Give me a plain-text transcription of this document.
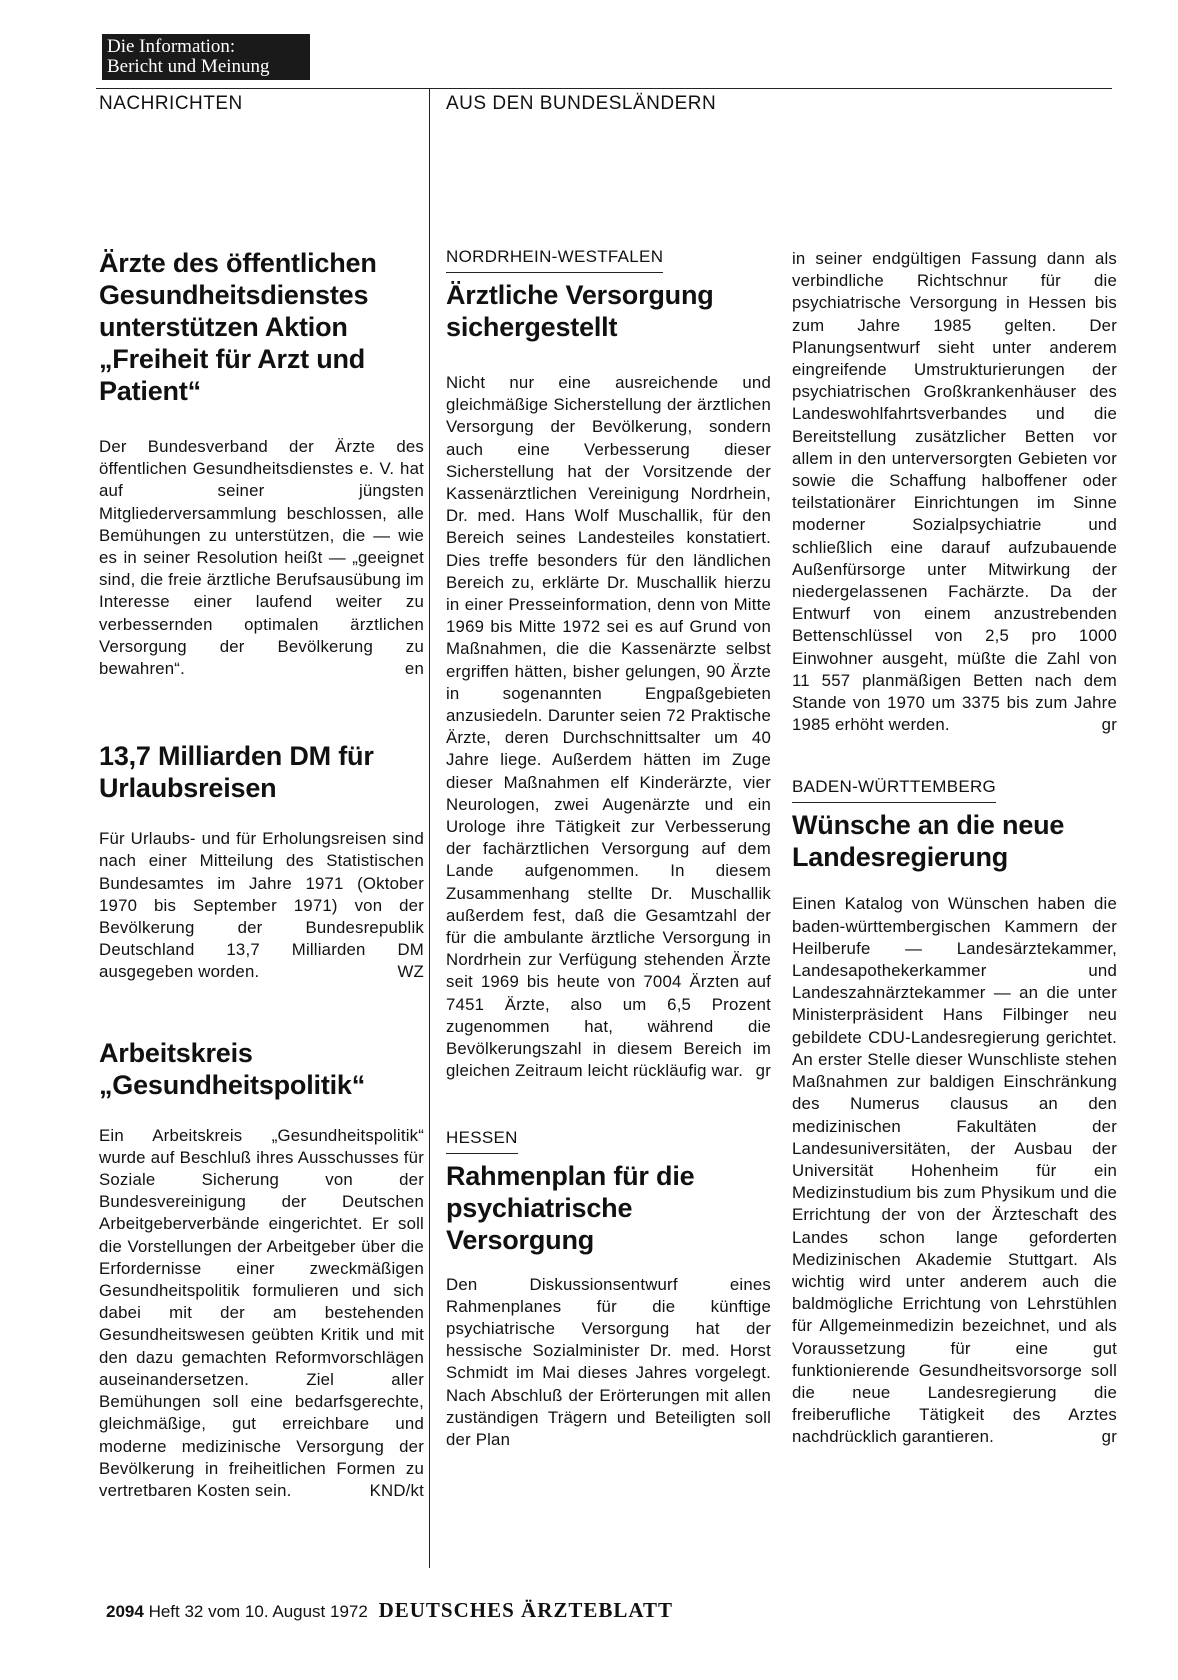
Die Information:
Bericht und Meinung
NACHRICHTEN	AUS DEN BUNDESLÄNDERN
Ärzte des öffentlichen Gesundheitsdienstes unterstützen Aktion „Freiheit für Arzt und Patient“

Der Bundesverband der Ärzte des öffentlichen Gesundheitsdienstes e. V. hat auf seiner jüngsten Mitgliederversammlung beschlossen, alle Bemühungen zu unterstützen, die — wie es in seiner Resolution heißt — „geeignet sind, die freie ärztliche Berufsausübung im Interesse einer laufend weiter zu verbessernden optimalen ärztlichen Versorgung der Bevölkerung zu bewahren“.	en

13,7 Milliarden DM für Urlaubsreisen

Für Urlaubs- und für Erholungsreisen sind nach einer Mitteilung des Statistischen Bundesamtes im Jahre 1971 (Oktober 1970 bis September 1971) von der Bevölkerung der Bundesrepublik Deutschland 13,7 Milliarden DM ausgegeben worden.	WZ

Arbeitskreis „Gesundheitspolitik“

Ein Arbeitskreis „Gesundheitspolitik“ wurde auf Beschluß ihres Ausschusses für Soziale Sicherung von der Bundesvereinigung der Deutschen Arbeitgeberverbände eingerichtet. Er soll die Vorstellungen der Arbeitgeber über die Erfordernisse einer zweckmäßigen Gesundheitspolitik formulieren und sich dabei mit der am bestehenden Gesundheitswesen geübten Kritik und mit den dazu gemachten Reformvorschlägen auseinandersetzen. Ziel aller Bemühungen soll eine bedarfsgerechte, gleichmäßige, gut erreichbare und moderne medizinische Versorgung der Bevölkerung in freiheitlichen Formen zu vertretbaren Kosten sein.	KND/kt

NORDRHEIN-WESTFALEN
Ärztliche Versorgung sichergestellt

Nicht nur eine ausreichende und gleichmäßige Sicherstellung der ärztlichen Versorgung der Bevölkerung, sondern auch eine Verbesserung dieser Sicherstellung hat der Vorsitzende der Kassenärztlichen Vereinigung Nordrhein, Dr. med. Hans Wolf Muschallik, für den Bereich seines Landesteiles konstatiert. Dies treffe besonders für den ländlichen Bereich zu, erklärte Dr. Muschallik hierzu in einer Presseinformation, denn von Mitte 1969 bis Mitte 1972 sei es auf Grund von Maßnahmen, die die Kassenärzte selbst ergriffen hätten, bisher gelungen, 90 Ärzte in sogenannten Engpaßgebieten anzusiedeln. Darunter seien 72 Praktische Ärzte, deren Durchschnittsalter um 40 Jahre liege. Außerdem hätten im Zuge dieser Maßnahmen elf Kinderärzte, vier Neurologen, zwei Augenärzte und ein Urologe ihre Tätigkeit zur Verbesserung der fachärztlichen Versorgung auf dem Lande aufgenommen. In diesem Zusammenhang stellte Dr. Muschallik außerdem fest, daß die Gesamtzahl der für die ambulante ärztliche Versorgung in Nordrhein zur Verfügung stehenden Ärzte seit 1969 bis heute von 7004 Ärzten auf 7451 Ärzte, also um 6,5 Prozent zugenommen hat, während die Bevölkerungszahl in diesem Bereich im gleichen Zeitraum leicht rückläufig war. gr

HESSEN
Rahmenplan für die psychiatrische Versorgung

Den Diskussionsentwurf eines Rahmenplanes für die künftige psychiatrische Versorgung hat der hessische Sozialminister Dr. med. Horst Schmidt im Mai dieses Jahres vorgelegt. Nach Abschluß der Erörterungen mit allen zuständigen Trägern und Beteiligten soll der Plan

in seiner endgültigen Fassung dann als verbindliche Richtschnur für die psychiatrische Versorgung in Hessen bis zum Jahre 1985 gelten. Der Planungsentwurf sieht unter anderem eingreifende Umstrukturierungen der psychiatrischen Großkrankenhäuser des Landeswohlfahrtsverbandes und die Bereitstellung zusätzlicher Betten vor allem in den unterversorgten Gebieten vor sowie die Schaffung halboffener oder teilstationärer Einrichtungen im Sinne moderner Sozialpsychiatrie und schließlich eine darauf aufzubauende Außenfürsorge unter Mitwirkung der niedergelassenen Fachärzte. Da der Entwurf von einem anzustrebenden Bettenschlüssel von 2,5 pro 1000 Einwohner ausgeht, müßte die Zahl von 11 557 planmäßigen Betten nach dem Stande von 1970 um 3375 bis zum Jahre 1985 erhöht werden.	gr

BADEN-WÜRTTEMBERG
Wünsche an die neue Landesregierung

Einen Katalog von Wünschen haben die baden-württembergischen Kammern der Heilberufe — Landesärztekammer, Landesapothekerkammer und Landeszahnärztekammer — an die unter Ministerpräsident Hans Filbinger neu gebildete CDU-Landesregierung gerichtet. An erster Stelle dieser Wunschliste stehen Maßnahmen zur baldigen Einschränkung des Numerus clausus an den medizinischen Fakultäten der Landesuniversitäten, der Ausbau der Universität Hohenheim für ein Medizinstudium bis zum Physikum und die Errichtung der von der Ärzteschaft des Landes schon lange geforderten Medizinischen Akademie Stuttgart. Als wichtig wird unter anderem auch die baldmögliche Errichtung von Lehrstühlen für Allgemeinmedizin bezeichnet, und als Voraussetzung für eine gut funktionierende Gesundheitsvorsorge soll die neue Landesregierung die freiberufliche Tätigkeit des Arztes nachdrücklich garantieren.	gr

2094 Heft 32 vom 10. August 1972 DEUTSCHES ÄRZTEBLATT
